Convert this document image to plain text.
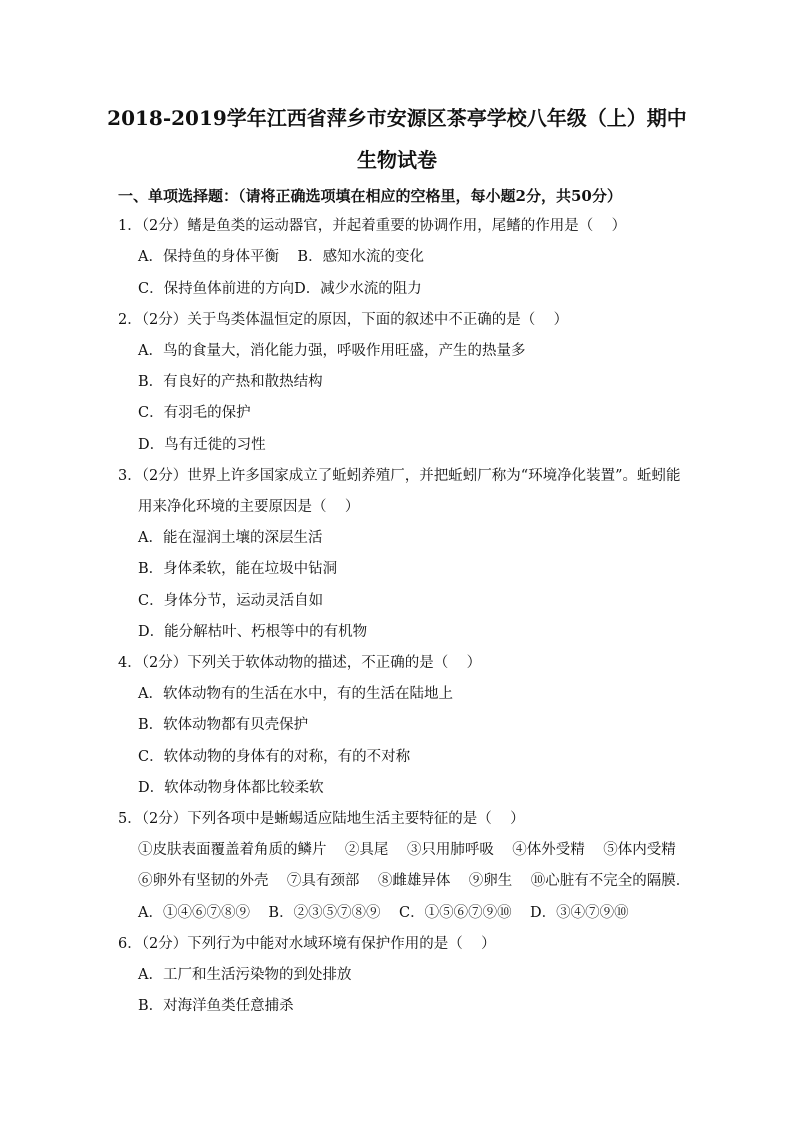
2018-2019学年江西省萍乡市安源区茶亭学校八年级（上）期中
生物试卷
一、单项选择题：（请将正确选项填在相应的空格里，每小题2分，共50分）
1．（2分）鳍是鱼类的运动器官，并起着重要的协调作用，尾鳍的作用是（    ）
A．保持鱼的身体平衡    B．感知水流的变化
C．保持鱼体前进的方向D．减少水流的阻力
2．（2分）关于鸟类体温恒定的原因，下面的叙述中不正确的是（    ）
A．鸟的食量大，消化能力强，呼吸作用旺盛，产生的热量多
B．有良好的产热和散热结构
C．有羽毛的保护
D．鸟有迁徙的习性
3．（2分）世界上许多国家成立了蚯蚓养殖厂，并把蚯蚓厂称为“环境净化装置”。蚯蚓能
用来净化环境的主要原因是（    ）
A．能在湿润土壤的深层生活
B．身体柔软，能在垃圾中钻洞
C．身体分节，运动灵活自如
D．能分解枯叶、朽根等中的有机物
4．（2分）下列关于软体动物的描述，不正确的是（    ）
A．软体动物有的生活在水中，有的生活在陆地上
B．软体动物都有贝壳保护
C．软体动物的身体有的对称，有的不对称
D．软体动物身体都比较柔软
5．（2分）下列各项中是蜥蜴适应陆地生活主要特征的是（    ）
①皮肤表面覆盖着角质的鳞片    ②具尾    ③只用肺呼吸    ④体外受精    ⑤体内受精
⑥卵外有坚韧的外壳    ⑦具有颈部    ⑧雌雄异体    ⑨卵生    ⑩心脏有不完全的隔膜．
A．①④⑥⑦⑧⑨    B．②③⑤⑦⑧⑨    C．①⑤⑥⑦⑨⑩    D．③④⑦⑨⑩
6．（2分）下列行为中能对水域环境有保护作用的是（    ）
A．工厂和生活污染物的到处排放
B．对海洋鱼类任意捕杀
